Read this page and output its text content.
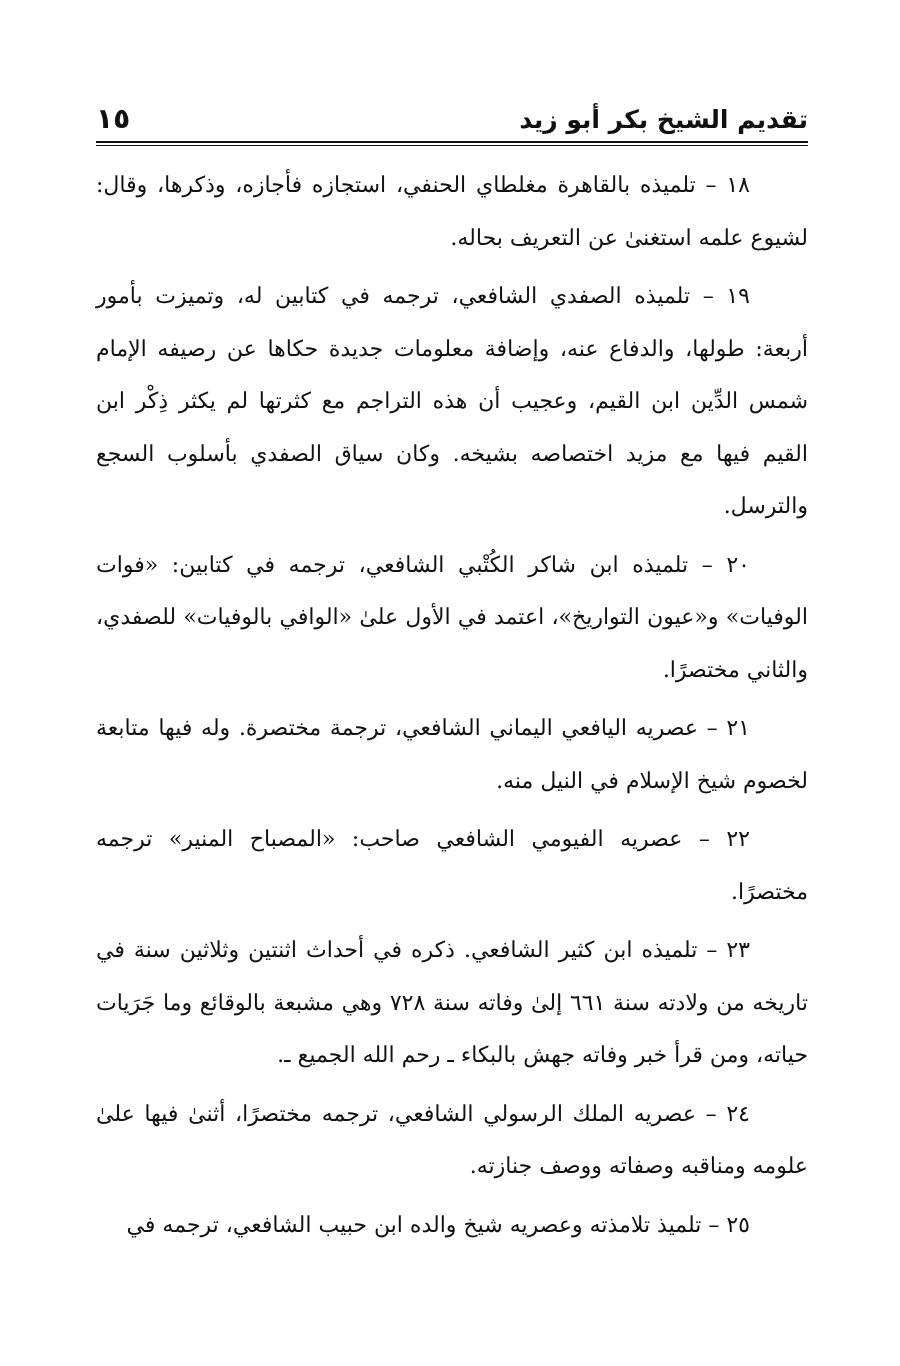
تقديم الشيخ بكر أبو زيد
١٥

١٨ – تلميذه بالقاهرة مغلطاي الحنفي، استجازه فأجازه، وذكرها، وقال: لشيوع علمه استغنىٰ عن التعريف بحاله.

١٩ – تلميذه الصفدي الشافعي، ترجمه في كتابين له، وتميزت بأمور أربعة: طولها، والدفاع عنه، وإضافة معلومات جديدة حكاها عن رصيفه الإمام شمس الدِّين ابن القيم، وعجيب أن هذه التراجم مع كثرتها لم يكثر ذِكْر ابن القيم فيها مع مزيد اختصاصه بشيخه. وكان سياق الصفدي بأسلوب السجع والترسل.

٢٠ – تلميذه ابن شاكر الكُتْبي الشافعي، ترجمه في كتابين: «فوات الوفيات» و«عيون التواريخ»، اعتمد في الأول علىٰ «الوافي بالوفيات» للصفدي، والثاني مختصرًا.

٢١ – عصريه اليافعي اليماني الشافعي، ترجمة مختصرة. وله فيها متابعة لخصوم شيخ الإسلام في النيل منه.

٢٢ – عصريه الفيومي الشافعي صاحب: «المصباح المنير» ترجمه مختصرًا.

٢٣ – تلميذه ابن كثير الشافعي. ذكره في أحداث اثنتين وثلاثين سنة في تاريخه من ولادته سنة ٦٦١ إلىٰ وفاته سنة ٧٢٨ وهي مشبعة بالوقائع وما جَرَيات حياته، ومن قرأ خبر وفاته جهش بالبكاء ـ رحم الله الجميع ـ.

٢٤ – عصريه الملك الرسولي الشافعي، ترجمه مختصرًا، أثنىٰ فيها علىٰ علومه ومناقبه وصفاته ووصف جنازته.

٢٥ – تلميذ تلامذته وعصريه شيخ والده ابن حبيب الشافعي، ترجمه في
